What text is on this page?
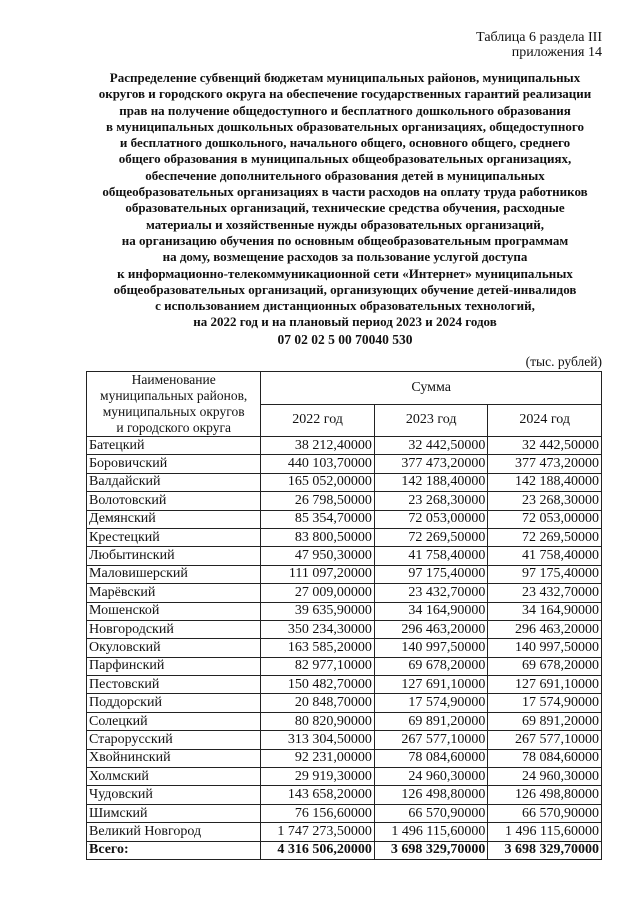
Таблица 6 раздела III
приложения 14
Распределение субвенций бюджетам муниципальных районов, муниципальных
округов и городского округа на обеспечение государственных гарантий реализации
прав на получение общедоступного и бесплатного дошкольного образования
в муниципальных дошкольных образовательных организациях, общедоступного
и бесплатного дошкольного, начального общего, основного общего, среднего
общего образования в муниципальных общеобразовательных организациях,
обеспечение дополнительного образования детей в муниципальных
общеобразовательных организациях в части расходов на оплату труда работников
образовательных организаций, технические средства обучения, расходные
материалы и хозяйственные нужды образовательных организаций,
на организацию обучения по основным общеобразовательным программам
на дому, возмещение расходов за пользование услугой доступа
к информационно-телекоммуникационной сети «Интернет» муниципальных
общеобразовательных организаций, организующих обучение детей-инвалидов
с использованием дистанционных образовательных технологий,
на 2022 год и на плановый период 2023 и 2024 годов
07 02 02 5 00 70040 530
(тыс. рублей)
Наименование
муниципальных районов,
муниципальных округов
и городского округа	Сумма		
	2022 год	2023 год	2024 год
Батецкий	38 212,40000	32 442,50000	32 442,50000
Боровичский	440 103,70000	377 473,20000	377 473,20000
Валдайский	165 052,00000	142 188,40000	142 188,40000
Волотовский	26 798,50000	23 268,30000	23 268,30000
Демянский	85 354,70000	72 053,00000	72 053,00000
Крестецкий	83 800,50000	72 269,50000	72 269,50000
Любытинский	47 950,30000	41 758,40000	41 758,40000
Маловишерский	111 097,20000	97 175,40000	97 175,40000
Марёвский	27 009,00000	23 432,70000	23 432,70000
Мошенской	39 635,90000	34 164,90000	34 164,90000
Новгородский	350 234,30000	296 463,20000	296 463,20000
Окуловский	163 585,20000	140 997,50000	140 997,50000
Парфинский	82 977,10000	69 678,20000	69 678,20000
Пестовский	150 482,70000	127 691,10000	127 691,10000
Поддорский	20 848,70000	17 574,90000	17 574,90000
Солецкий	80 820,90000	69 891,20000	69 891,20000
Старорусский	313 304,50000	267 577,10000	267 577,10000
Хвойнинский	92 231,00000	78 084,60000	78 084,60000
Холмский	29 919,30000	24 960,30000	24 960,30000
Чудовский	143 658,20000	126 498,80000	126 498,80000
Шимский	76 156,60000	66 570,90000	66 570,90000
Великий Новгород	1 747 273,50000	1 496 115,60000	1 496 115,60000
Всего:	4 316 506,20000	3 698 329,70000	3 698 329,70000
